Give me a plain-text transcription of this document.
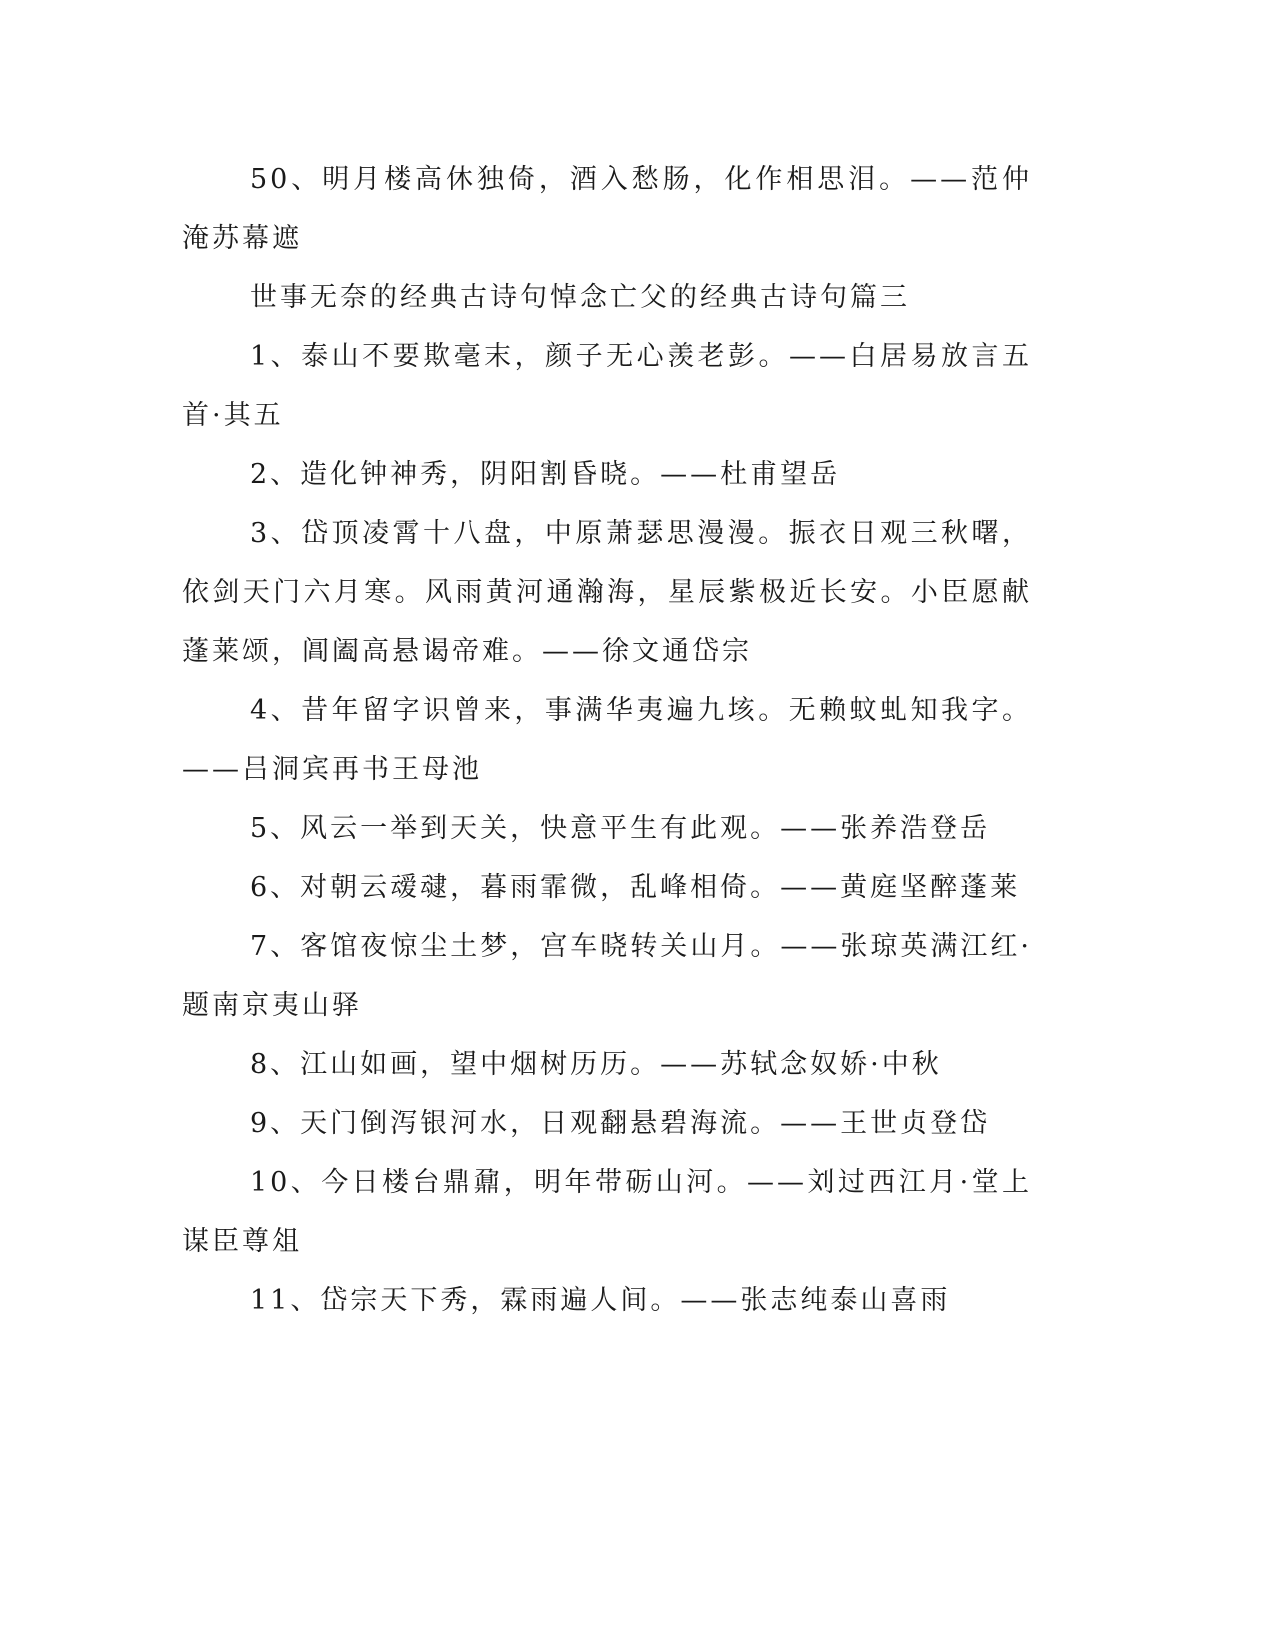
50、明月楼高休独倚，酒入愁肠，化作相思泪。——范仲淹苏幕遮

世事无奈的经典古诗句悼念亡父的经典古诗句篇三

1、泰山不要欺毫末，颜子无心羡老彭。——白居易放言五首·其五

2、造化钟神秀，阴阳割昏晓。——杜甫望岳

3、岱顶凌霄十八盘，中原萧瑟思漫漫。振衣日观三秋曙，依剑天门六月寒。风雨黄河通瀚海，星辰紫极近长安。小臣愿献蓬莱颂，阊阖高悬谒帝难。——徐文通岱宗

4、昔年留字识曾来，事满华夷遍九垓。无赖蚊虬知我字。——吕洞宾再书王母池

5、风云一举到天关，快意平生有此观。——张养浩登岳

6、对朝云叆叇，暮雨霏微，乱峰相倚。——黄庭坚醉蓬莱

7、客馆夜惊尘土梦，宫车晓转关山月。——张琼英满江红·题南京夷山驿

8、江山如画，望中烟树历历。——苏轼念奴娇·中秋

9、天门倒泻银河水，日观翻悬碧海流。——王世贞登岱

10、今日楼台鼎鼐，明年带砺山河。——刘过西江月·堂上谋臣尊俎

11、岱宗天下秀，霖雨遍人间。——张志纯泰山喜雨
